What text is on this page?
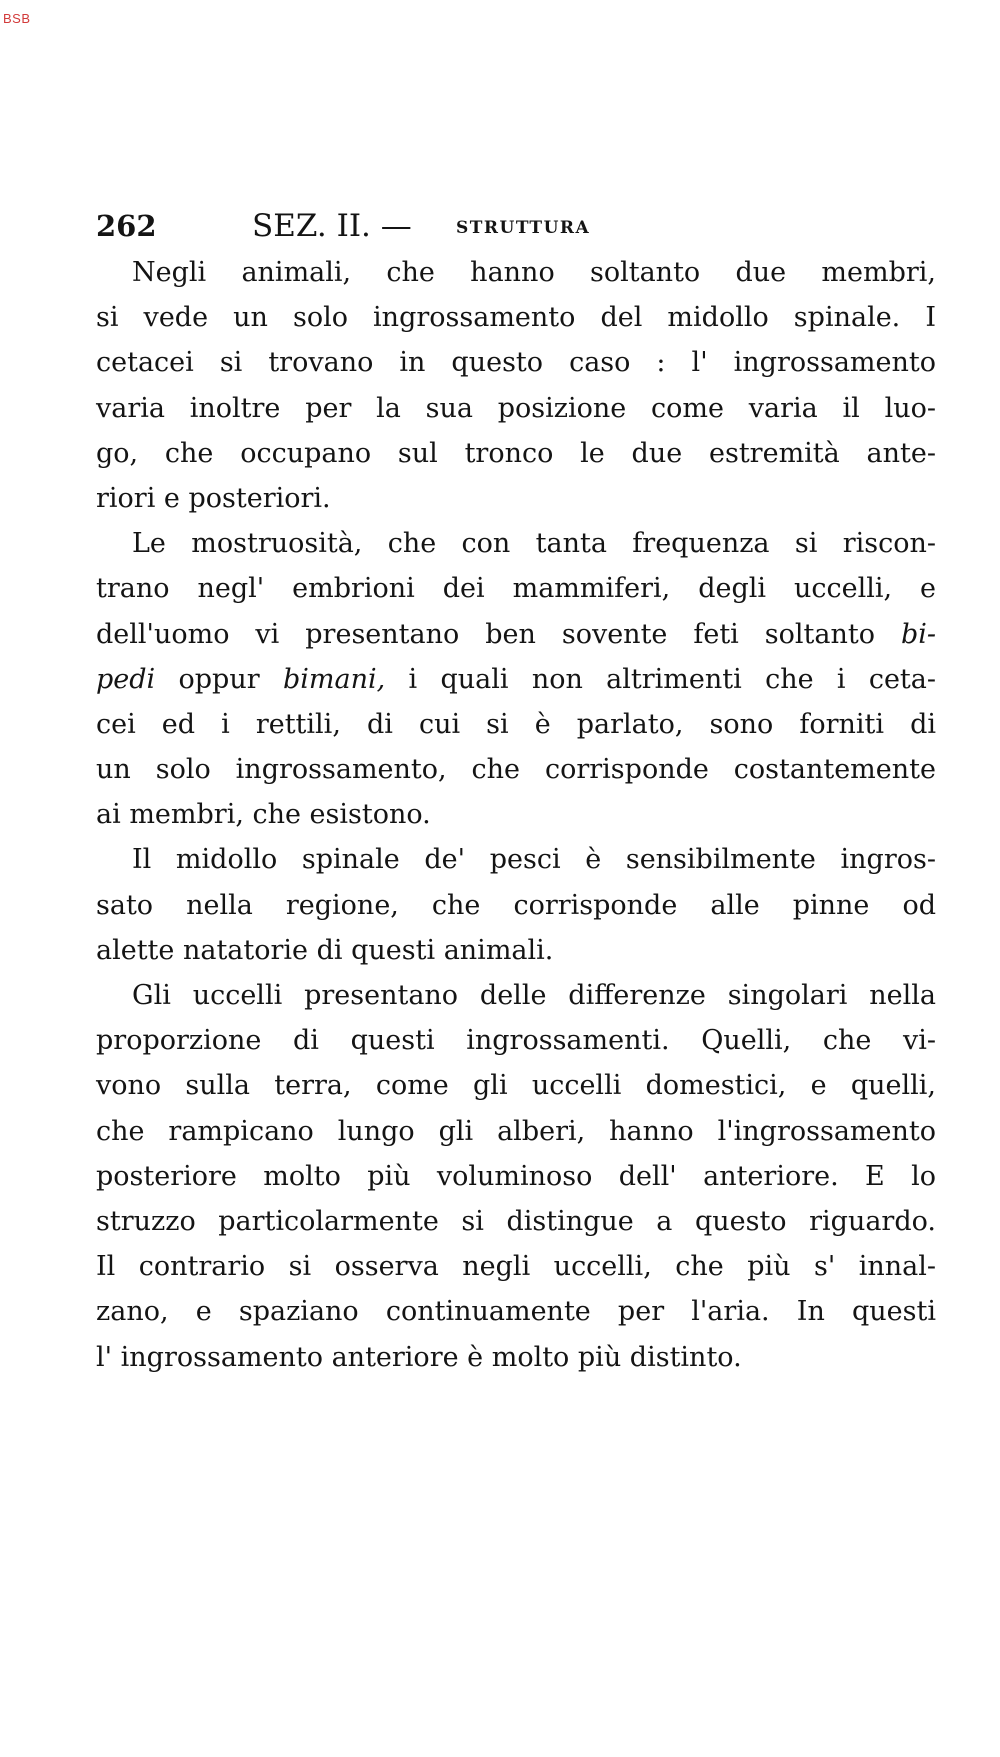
BSB
262	SEZ. II. —	STRUTTURA
Negli animali, che hanno soltanto due membri,
si vede un solo ingrossamento del midollo spinale. I
cetacei si trovano in questo caso : l' ingrossamento
varia inoltre per la sua posizione come varia il luo-
go, che occupano sul tronco le due estremità ante-
riori e posteriori.
Le mostruosità, che con tanta frequenza si riscon-
trano negl' embrioni dei mammiferi, degli uccelli, e
dell'uomo vi presentano ben sovente feti soltanto bi-
pedi oppur bimani, i quali non altrimenti che i ceta-
cei ed i rettili, di cui si è parlato, sono forniti di
un solo ingrossamento, che corrisponde costantemente
ai membri, che esistono.
Il midollo spinale de' pesci è sensibilmente ingros-
sato nella regione, che corrisponde alle pinne od
alette natatorie di questi animali.
Gli uccelli presentano delle differenze singolari nella
proporzione di questi ingrossamenti. Quelli, che vi-
vono sulla terra, come gli uccelli domestici, e quelli,
che rampicano lungo gli alberi, hanno l'ingrossamento
posteriore molto più voluminoso dell' anteriore. E lo
struzzo particolarmente si distingue a questo riguardo.
Il contrario si osserva negli uccelli, che più s' innal-
zano, e spaziano continuamente per l'aria. In questi
l' ingrossamento anteriore è molto più distinto.
